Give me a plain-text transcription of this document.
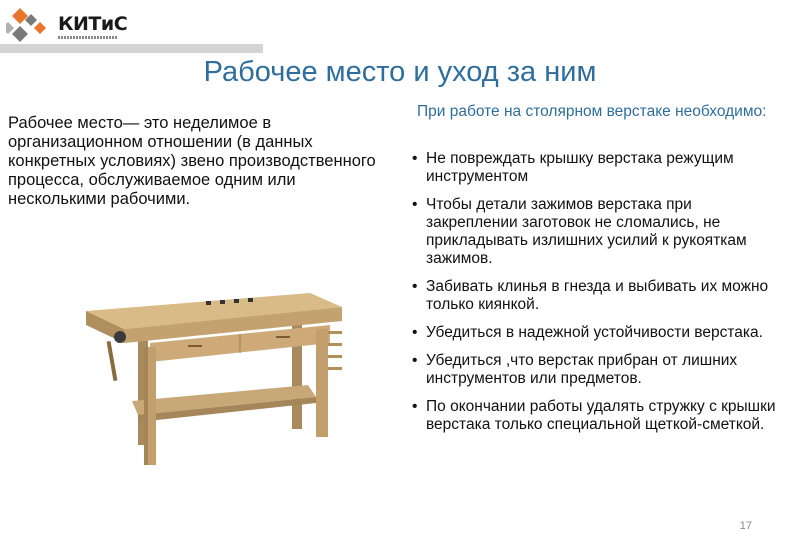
КИТиС
Рабочее место и уход за ним
Рабочее место— это неделимое в организационном отношении (в данных конкретных условиях) звено производственного процесса, обслуживаемое одним или несколькими рабочими.
При работе на столярном верстаке необходимо:
• Не повреждать крышку верстака режущим инструментом
• Чтобы детали зажимов верстака при закреплении заготовок не сломались, не прикладывать излишних усилий к рукояткам зажимов.
• Забивать клинья в гнезда и выбивать их можно только киянкой.
• Убедиться в надежной устойчивости верстака.
• Убедиться ,что верстак прибран от лишних инструментов или предметов.
• По окончании работы удалять стружку с крышки верстака только специальной щеткой-сметкой.
17
